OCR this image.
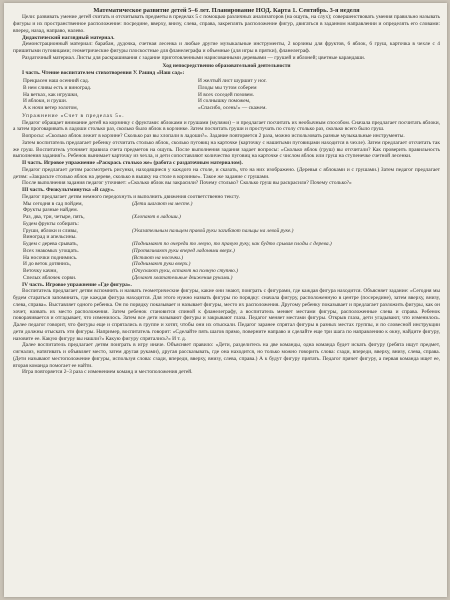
Математическое развитие детей 5–6 лет. Планирование НОД. Карта 1. Сентябрь. 3-я неделя

Цели: развивать умение детей считать и отсчитывать предметы в пределах 5 с помощью различных анализаторов (на ощупь, на слух); совершенствовать умения правильно называть фигуры и их пространственное расположение: посредине, вверху, внизу, слева, справа, закреплять расположение фигур, двигаться в заданном направлении и определять его словами: вперед, назад, направо, налево.

Дидактический наглядный материал.

Демонстрационный материал: барабан, дудочка, счетная лесенка и любые другие музыкальные инструменты, 2 корзины для фруктов, 6 яблок, 6 груш, карточка в чехле с 4 пришитыми пуговицами; геометрические фигуры плоскостные для фланелеграфа и объемные (для игры в прятки), фланелеграф.

Раздаточный материал. Листы для раскрашивания с задание приготовленными нарисованными деревьями — грушей и яблоней; цветные карандаши.

Ход непосредственно образовательной деятельности

I часть. Чтение воспитателем стихотворения У. Рашид «Наш сад»:

Прекрасен наш осенний сад.
В нем сливы есть и виноград.
На ветках, как игрушки,
И яблоки, и груши.
А к ночи ветер золотом,
И желтый лист шуршит у ног.
Плоды мы тутом соберем
И всех соседей позовем.
И солнышку поможем,
«Спасибо, осень!» — скажем.

Упражнение «Счет в пределах 5».

Педагог обращает внимание детей на корзинку с фруктами: яблоками и грушами (муляжи) – и предлагает посчитать их необычным способом. Сначала предлагает посчитать яблоки, а затем проговаривать в ладоши столько раз, сколько было яблок в корзинке. Затем посчитать груши и простучать по столу столько раз, сколько всего было груш.

Вопросы: «Сколько яблок лежит в корзине? Сколько раз вы хлопали в ладоши?». Задание повторяется 2 раза, можно использовать разные музыкальные инструменты.

Затем воспитатель предлагает ребенку отсчитать столько яблок, сколько пуговиц на карточке (карточку с нашитыми пуговицами находится в чехле). Затем предлагает отсчитать так же груш. Воспитатель уточняет правила счета предметов на ощупь. После выполнения задания задает вопросы: «Сколько яблок (груш) вы отсчитали? Как проверить правильность выполнения задания?». Ребенок вынимает карточку из чехла, и дети сопоставляют количество пуговиц на карточке с числом яблок или груш на ступенечке счетной лесенки.

II часть. Игровое упражнение «Раскрась столько же» (работа с раздаточным материалом).

Педагог предлагает детям рассмотреть рисунки, находящиеся у каждого на столе, и сказать, что на них изображено. (Деревья с яблоками и с грушами.) Затем педагог предлагает детям: «Закрасьте столько яблок на дереве, сколько в вышку на столе в корзинке». Такое же задание с грушами.

После выполнения задания педагог уточняет: «Сколько яблок вы закрасили? Почему столько? Сколько груш вы раскрасили? Почему столько?»

III часть. Физкультминутка «В саду».

Педагог предлагает детям немного передохнуть и выполнить движения соответственно тексту.

Мы сегодня в сад пойдем,	(Дети шагают на месте.)
Фрукты разные найдем.
Раз, два, три, четыре, пять,	(Хлопают в ладоши.)
Будем фрукты собирать:
Груши, яблоки и сливы,	(Указательным пальцем правой руки загибают пальцы на левой руке.)
Виноград и апельсины.
Будем с дерева срывать,	(Поднимают по очереди то левую, то правую руку, как будто срывая плоды с дерева.)
Всех знакомых угощать.	(Протягивают руки вперед ладонями вверх.)
На носочки поднимись.	(Встают на носочки.)
И до веток дотянись,	(Поднимают руки вверх.)
Веточку качни,	(Опускают руки, встают на полную ступню.)
Спелых яблочек сорви.	(Делают хватательные движения руками.)

IV часть. Игровое упражнение «Где фигура».

Воспитатель предлагает детям вспомнить и назвать геометрические фигуры, какие они знают, поиграть с фигурами, где каждая фигура находится. Объясняет задание: «Сегодня мы будем стараться запоминать, где каждая фигура находится. Для этого нужно назвать фигуры по порядку: сначала фигуру, расположенную в центре (посередине), затем вверху, внизу, слева, справа». Выставляет одного ребенка. Он по порядку показывает и называет фигуры, место их расположения. Другому ребенку показывает и предлагает разложить фигуры, как он хочет, назвать их место расположения. Затем ребенок становится спиной к фланелеграфу, а воспитатель меняет местами фигуры, расположенные слева и справа. Ребенок поворачивается и отгадывает, что изменилось. Затем все дети называют фигуры и закрывают глаза. Педагог меняет местами фигуры. Открыв глаза, дети угадывают, что изменилось. Далее педагог говорит, что фигуры еще и спрятались в группе и хотят, чтобы они их отыскали. Педагог заранее спрятал фигуры в разных местах группы, и по словесной инструкции дети должны отыскать эти фигуры. Например, воспитатель говорит: «Сделайте пять шагов прямо, поверните направо и сделайте еще три шага по направлению к окну, найдите фигуру, назовите ее. Какую фигуру вы нашли?» Какую фигуру спрятались?» И т. д.

Далее воспитатель предлагает детям поиграть в игру иначе. Объясняет правило: «Дети, разделитесь на две команды, одна команда будет искать фигуру (ребята ищут предмет, сигнализ, натягивать и объявляет место, затем другая руками), другая рассказывать, где она находится, но только можно говорить слова: сзади, впереди, вверху, внизу, слева, справа. (Дети называют местоположение фигуры, используя слова: сзади, впереди, вверху, внизу, слева, справа.) А к будут фигуру прятать. Педагог прячет фигуру, а первая команда ищет ее, вторая команда помогает ее найти.

Игра повторяется 2–3 раза с изменением команд и местоположения детей.
